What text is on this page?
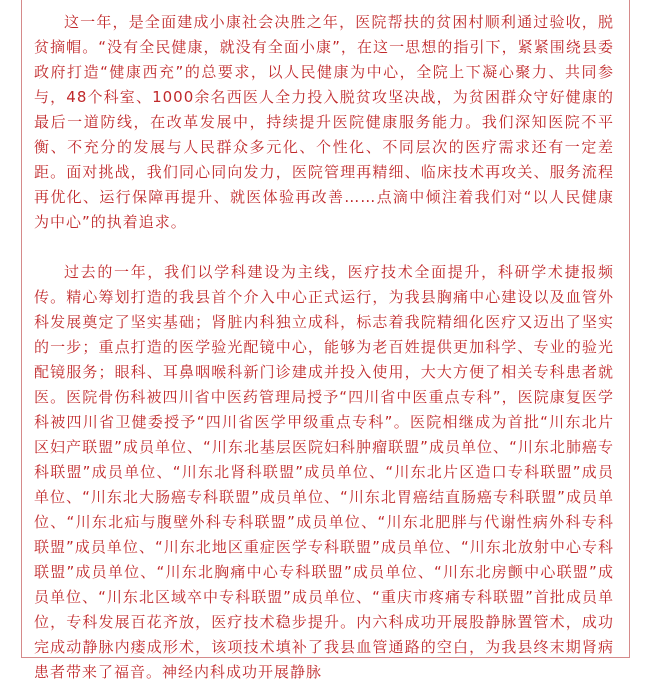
这一年，是全面建成小康社会决胜之年，医院帮扶的贫困村顺利通过验收，脱贫摘帽。“没有全民健康，就没有全面小康”，在这一思想的指引下，紧紧围绕县委政府打造“健康西充”的总要求，以人民健康为中心，全院上下凝心聚力、共同参与，48个科室、1000余名西医人全力投入脱贫攻坚决战，为贫困群众守好健康的最后一道防线，在改革发展中，持续提升医院健康服务能力。我们深知医院不平衡、不充分的发展与人民群众多元化、个性化、不同层次的医疗需求还有一定差距。面对挑战，我们同心同向发力，医院管理再精细、临床技术再攻关、服务流程再优化、运行保障再提升、就医体验再改善……点滴中倾注着我们对“以人民健康为中心”的执着追求。

过去的一年，我们以学科建设为主线，医疗技术全面提升，科研学术捷报频传。精心筹划打造的我县首个介入中心正式运行，为我县胸痛中心建设以及血管外科发展奠定了坚实基础；肾脏内科独立成科，标志着我院精细化医疗又迈出了坚实的一步；重点打造的医学验光配镜中心，能够为老百姓提供更加科学、专业的验光配镜服务；眼科、耳鼻咽喉科新门诊建成并投入使用，大大方便了相关专科患者就医。医院骨伤科被四川省中医药管理局授予“四川省中医重点专科”，医院康复医学科被四川省卫健委授予“四川省医学甲级重点专科”。医院相继成为首批“川东北片区妇产联盟”成员单位、“川东北基层医院妇科肿瘤联盟”成员单位、“川东北肺癌专科联盟”成员单位、“川东北肾科联盟”成员单位、“川东北片区造口专科联盟”成员单位、“川东北大肠癌专科联盟”成员单位、“川东北胃癌结直肠癌专科联盟”成员单位、“川东北疝与腹壁外科专科联盟”成员单位、“川东北肥胖与代谢性病外科专科联盟”成员单位、“川东北地区重症医学专科联盟”成员单位、“川东北放射中心专科联盟”成员单位、“川东北胸痛中心专科联盟”成员单位、“川东北房颤中心联盟”成员单位、“川东北区域卒中专科联盟”成员单位、“重庆市疼痛专科联盟”首批成员单位，专科发展百花齐放，医疗技术稳步提升。内六科成功开展股静脉置管术，成功完成动静脉内瘘成形术，该项技术填补了我县血管通路的空白，为我县终末期肾病患者带来了福音。神经内科成功开展静脉
